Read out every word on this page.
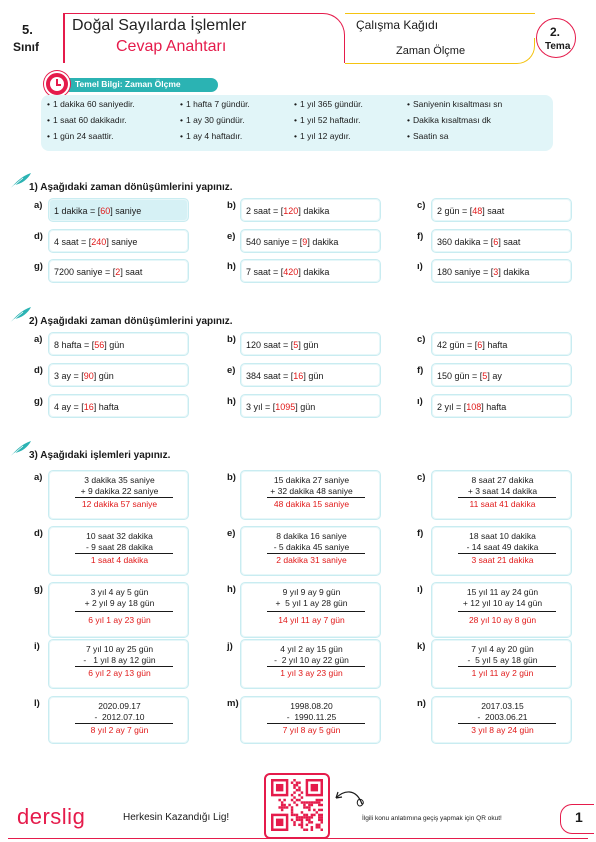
5.
Sınıf
Doğal Sayılarda İşlemler
Cevap Anahtarı
Çalışma Kağıdı
Zaman Ölçme
2.
Tema
Temel Bilgi: Zaman Ölçme
• 1 dakika 60 saniyedir.	• 1 hafta 7 gündür.	• 1 yıl 365 gündür.	• Saniyenin kısaltması sn
• 1 saat 60 dakikadır.	• 1 ay 30 gündür.	• 1 yıl 52 haftadır.	• Dakika kısaltması dk
• 1 gün 24 saattir.	• 1 ay 4 haftadır.	• 1 yıl 12 aydır.	• Saatin sa
1) Aşağıdaki zaman dönüşümlerini yapınız.
a)	1 dakika = [60] saniye	b)	2 saat = [120] dakika	c)	2 gün = [48] saat
d)	4 saat = [240] saniye	e)	540 saniye = [9] dakika	f)	360 dakika = [6] saat
g)	7200 saniye = [2] saat	h)	7 saat = [420] dakika	ı)	180 saniye = [3] dakika
2) Aşağıdaki zaman dönüşümlerini yapınız.
a)	8 hafta = [56] gün	b)	120 saat = [5] gün	c)	42 gün = [6] hafta
d)	3 ay = [90] gün	e)	384 saat = [16] gün	f)	150 gün = [5] ay
g)	4 ay = [16] hafta	h)	3 yıl = [1095] gün	ı)	2 yıl = [108] hafta
3) Aşağıdaki işlemleri yapınız.
a)	3 dakika 35 saniye
+ 9 dakika 22 saniye
12 dakika 57 saniye
b)	15 dakika 27 saniye
+ 32 dakika 48 saniye
48 dakika 15 saniye
c)	8 saat 27 dakika
+ 3 saat 14 dakika
11 saat 41 dakika
d)	10 saat 32 dakika
- 9 saat 28 dakika
1 saat 4 dakika
e)	8 dakika 16 saniye
- 5 dakika 45 saniye
2 dakika 31 saniye
f)	18 saat 10 dakika
- 14 saat 49 dakika
3 saat 21 dakika
g)	3 yıl 4 ay 5 gün
+ 2 yıl 9 ay 18 gün
6 yıl 1 ay 23 gün
h)	9 yıl 9 ay 9 gün
+  5 yıl 1 ay 28 gün
14 yıl 11 ay 7 gün
ı)	15 yıl 11 ay 24 gün
+ 12 yıl 10 ay 14 gün
28 yıl 10 ay 8 gün
i)	7 yıl 10 ay 25 gün
-   1 yıl 8 ay 12 gün
6 yıl 2 ay 13 gün
j)	4 yıl 2 ay 15 gün
-  2 yıl 10 ay 22 gün
1 yıl 3 ay 23 gün
k)	7 yıl 4 ay 20 gün
-  5 yıl 5 ay 18 gün
1 yıl 11 ay 2 gün
l)	2020.09.17
-  2012.07.10
8 yıl 2 ay 7 gün
m)	1998.08.20
-  1990.11.25
7 yıl 8 ay 5 gün
n)	2017.03.15
-  2003.06.21
3 yıl 8 ay 24 gün
derslig	Herkesin Kazandığı Lig!	İlgili konu anlatımına geçiş yapmak için QR okut!	1
